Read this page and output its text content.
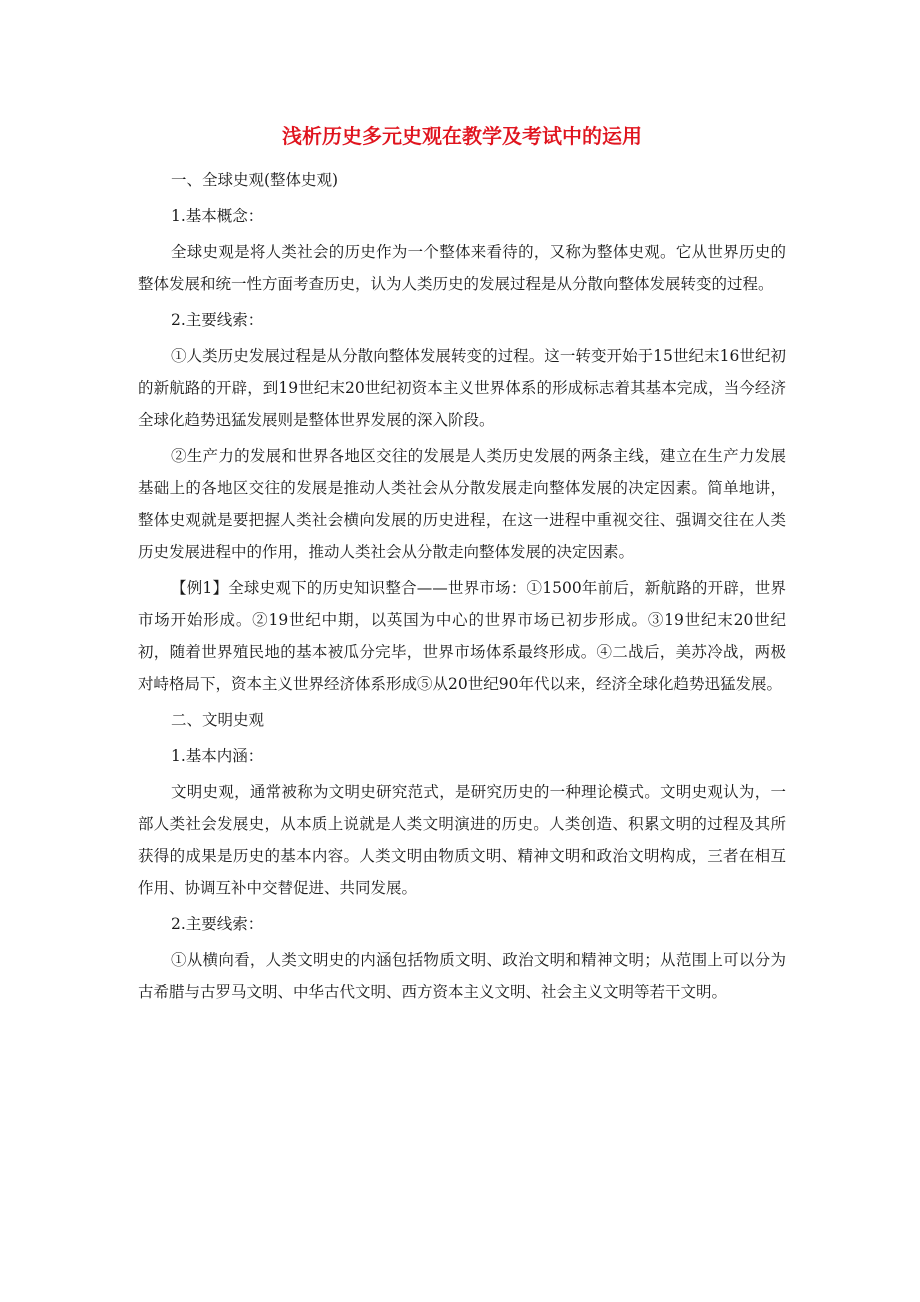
浅析历史多元史观在教学及考试中的运用

一、全球史观(整体史观)

1.基本概念：

全球史观是将人类社会的历史作为一个整体来看待的，又称为整体史观。它从世界历史的整体发展和统一性方面考查历史，认为人类历史的发展过程是从分散向整体发展转变的过程。

2.主要线索：

①人类历史发展过程是从分散向整体发展转变的过程。这一转变开始于15世纪末16世纪初的新航路的开辟，到19世纪末20世纪初资本主义世界体系的形成标志着其基本完成，当今经济全球化趋势迅猛发展则是整体世界发展的深入阶段。

②生产力的发展和世界各地区交往的发展是人类历史发展的两条主线，建立在生产力发展基础上的各地区交往的发展是推动人类社会从分散发展走向整体发展的决定因素。简单地讲，整体史观就是要把握人类社会横向发展的历史进程，在这一进程中重视交往、强调交往在人类历史发展进程中的作用，推动人类社会从分散走向整体发展的决定因素。

【例1】全球史观下的历史知识整合——世界市场：①1500年前后，新航路的开辟，世界市场开始形成。②19世纪中期，以英国为中心的世界市场已初步形成。③19世纪末20世纪初，随着世界殖民地的基本被瓜分完毕，世界市场体系最终形成。④二战后，美苏冷战，两极对峙格局下，资本主义世界经济体系形成⑤从20世纪90年代以来，经济全球化趋势迅猛发展。

二、文明史观

1.基本内涵：

文明史观，通常被称为文明史研究范式，是研究历史的一种理论模式。文明史观认为，一部人类社会发展史，从本质上说就是人类文明演进的历史。人类创造、积累文明的过程及其所获得的成果是历史的基本内容。人类文明由物质文明、精神文明和政治文明构成，三者在相互作用、协调互补中交替促进、共同发展。

2.主要线索：

①从横向看，人类文明史的内涵包括物质文明、政治文明和精神文明；从范围上可以分为古希腊与古罗马文明、中华古代文明、西方资本主义文明、社会主义文明等若干文明。
